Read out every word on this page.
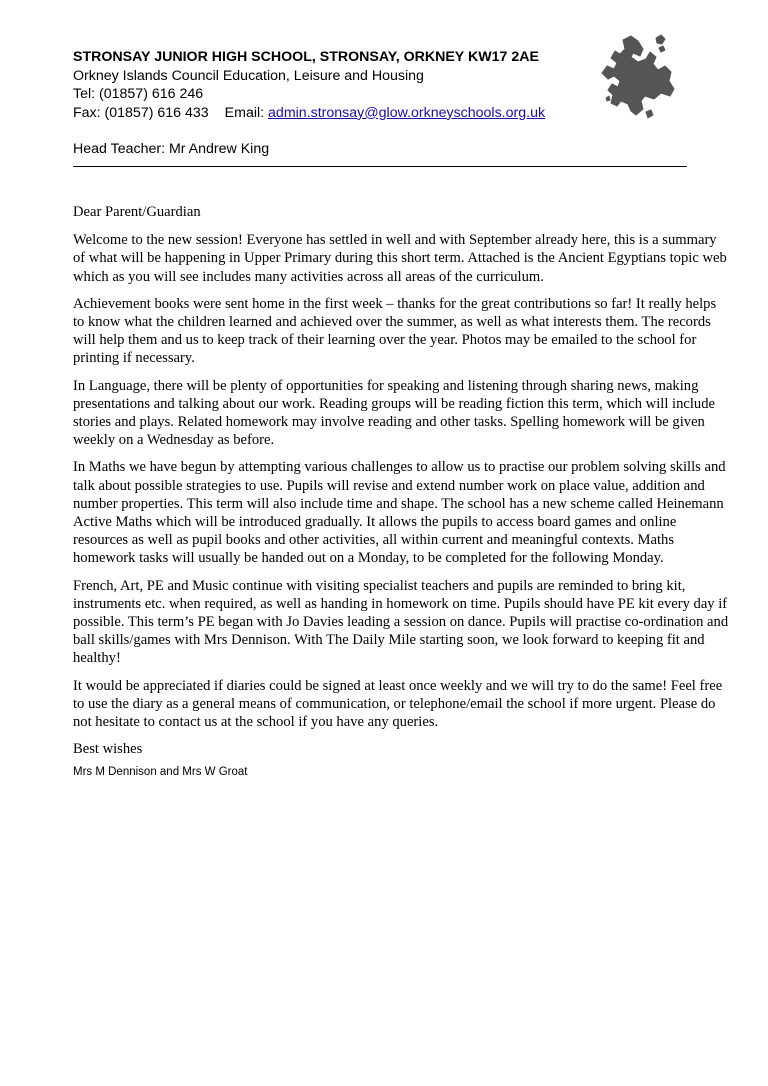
STRONSAY JUNIOR HIGH SCHOOL, STRONSAY, ORKNEY KW17 2AE
Orkney Islands Council Education, Leisure and Housing
Tel: (01857) 616 246
Fax: (01857) 616 433 Email: admin.stronsay@glow.orkneyschools.org.uk
Head Teacher: Mr Andrew King

Dear Parent/Guardian

Welcome to the new session! Everyone has settled in well and with September already here, this is a summary of what will be happening in Upper Primary during this short term. Attached is the Ancient Egyptians topic web which as you will see includes many activities across all areas of the curriculum.

Achievement books were sent home in the first week – thanks for the great contributions so far! It really helps to know what the children learned and achieved over the summer, as well as what interests them. The records will help them and us to keep track of their learning over the year. Photos may be emailed to the school for printing if necessary.

In Language, there will be plenty of opportunities for speaking and listening through sharing news, making presentations and talking about our work. Reading groups will be reading fiction this term, which will include stories and plays. Related homework may involve reading and other tasks. Spelling homework will be given weekly on a Wednesday as before.

In Maths we have begun by attempting various challenges to allow us to practise our problem solving skills and talk about possible strategies to use. Pupils will revise and extend number work on place value, addition and number properties. This term will also include time and shape. The school has a new scheme called Heinemann Active Maths which will be introduced gradually. It allows the pupils to access board games and online resources as well as pupil books and other activities, all within current and meaningful contexts. Maths homework tasks will usually be handed out on a Monday, to be completed for the following Monday.

French, Art, PE and Music continue with visiting specialist teachers and pupils are reminded to bring kit, instruments etc. when required, as well as handing in homework on time. Pupils should have PE kit every day if possible. This term’s PE began with Jo Davies leading a session on dance. Pupils will practise co-ordination and ball skills/games with Mrs Dennison. With The Daily Mile starting soon, we look forward to keeping fit and healthy!

It would be appreciated if diaries could be signed at least once weekly and we will try to do the same! Feel free to use the diary as a general means of communication, or telephone/email the school if more urgent. Please do not hesitate to contact us at the school if you have any queries.

Best wishes

Mrs M Dennison and Mrs W Groat
